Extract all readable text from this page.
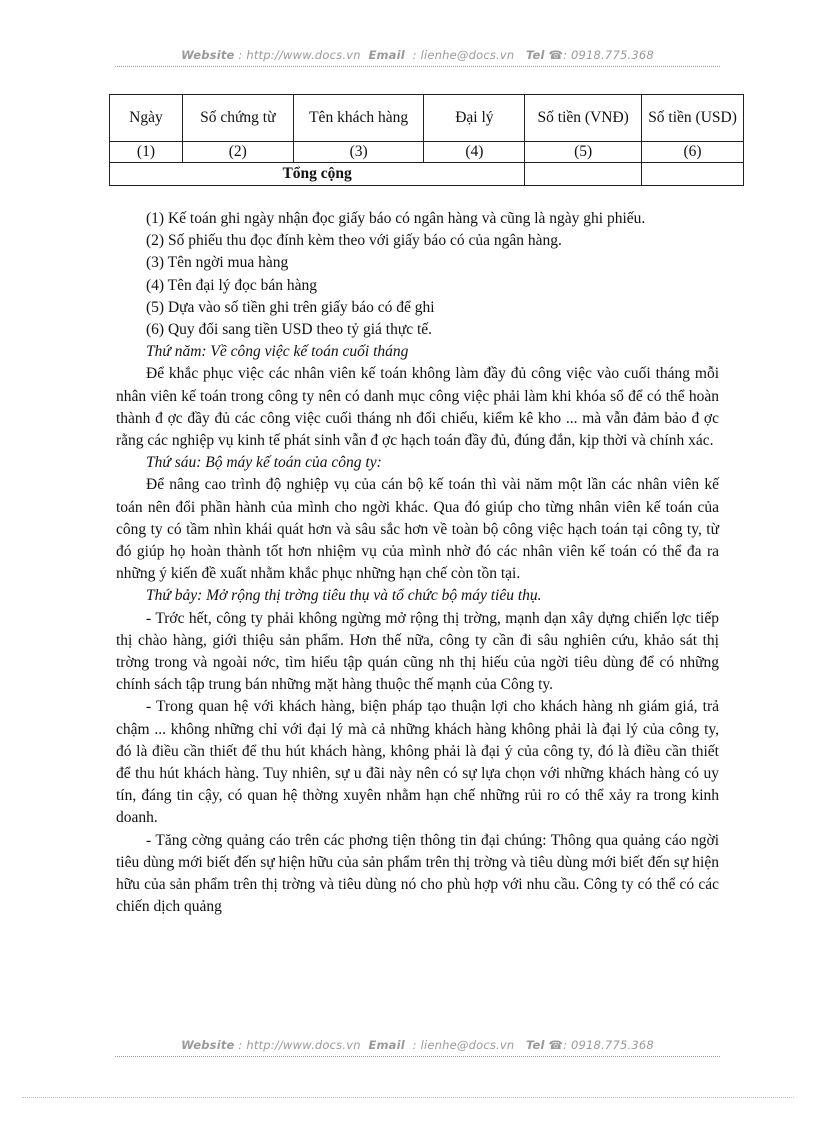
Website : http://www.docs.vn Email : lienhe@docs.vn Tel ☎: 0918.775.368
Ngày	Số chứng từ	Tên khách hàng	Đại lý	Số tiền (VNĐ)	Số tiền (USD)
(1)	(2)	(3)	(4)	(5)	(6)
Tổng cộng					

(1) Kế toán ghi ngày nhận đọc giấy báo có ngân hàng và cũng là ngày ghi phiếu.

(2) Số phiếu thu đọc đính kèm theo với giấy báo có của ngân hàng.

(3) Tên ngời mua hàng

(4) Tên đại lý đọc bán hàng

(5) Dựa vào số tiền ghi trên giấy báo có để ghi

(6) Quy đổi sang tiền USD theo tỷ giá thực tế.

Thứ năm: Về công việc kế toán cuối tháng

Để khắc phục việc các nhân viên kế toán không làm đầy đủ công việc vào cuối tháng mỗi nhân viên kế toán trong công ty nên có danh mục công việc phải làm khi khóa sổ để có thể hoàn thành đ ợc đầy đủ các công việc cuối tháng nh đối chiếu, kiểm kê kho ... mà vẫn đảm bảo đ ợc rằng các nghiệp vụ kinh tế phát sinh vẫn đ ợc hạch toán đầy đủ, đúng đắn, kịp thời và chính xác.

Thứ sáu: Bộ máy kế toán của công ty:

Để nâng cao trình độ nghiệp vụ của cán bộ kế toán thì vài năm một lần các nhân viên kế toán nên đổi phần hành của mình cho ngời khác. Qua đó giúp cho từng nhân viên kế toán của công ty có tầm nhìn khái quát hơn và sâu sắc hơn về toàn bộ công việc hạch toán tại công ty, từ đó giúp họ hoàn thành tốt hơn nhiệm vụ của mình nhờ đó các nhân viên kế toán có thể đa ra những ý kiến đề xuất nhằm khắc phục những hạn chế còn tồn tại.

Thứ bảy: Mở rộng thị trờng tiêu thụ và tổ chức bộ máy tiêu thụ.

- Trớc hết, công ty phải không ngừng mở rộng thị trờng, mạnh dạn xây dựng chiến lợc tiếp thị chào hàng, giới thiệu sản phẩm. Hơn thế nữa, công ty cần đi sâu nghiên cứu, khảo sát thị trờng trong và ngoài nớc, tìm hiểu tập quán cũng nh thị hiếu của ngời tiêu dùng để có những chính sách tập trung bán những mặt hàng thuộc thế mạnh của Công ty.

- Trong quan hệ với khách hàng, biện pháp tạo thuận lợi cho khách hàng nh giám giá, trả chậm ... không những chỉ với đại lý mà cả những khách hàng không phải là đại lý của công ty, đó là điều cần thiết để thu hút khách hàng, không phải là đại ý của công ty, đó là điều cần thiết để thu hút khách hàng. Tuy nhiên, sự u đãi này nên có sự lựa chọn với những khách hàng có uy tín, đáng tin cậy, có quan hệ thờng xuyên nhằm hạn chế những rủi ro có thể xảy ra trong kinh doanh.

- Tăng cờng quảng cáo trên các phơng tiện thông tin đại chúng: Thông qua quảng cáo ngời tiêu dùng mới biết đến sự hiện hữu của sản phẩm trên thị trờng và tiêu dùng mới biết đến sự hiện hữu của sản phẩm trên thị trờng và tiêu dùng nó cho phù hợp với nhu cầu. Công ty có thể có các chiến dịch quảng

Website : http://www.docs.vn Email : lienhe@docs.vn Tel ☎: 0918.775.368
